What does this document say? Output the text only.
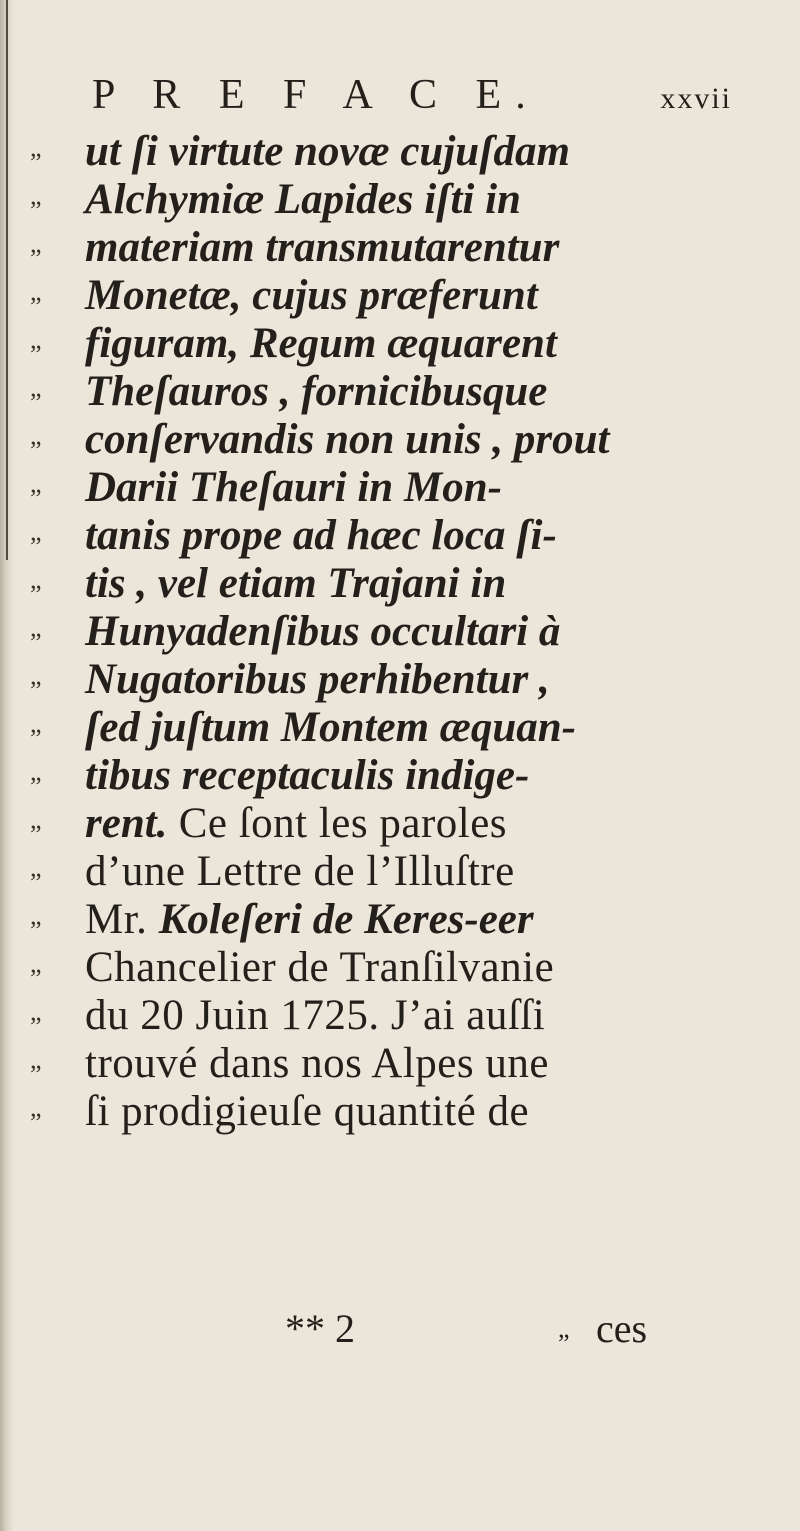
P R E F A C E.	xxvii
„	ut ſi virtute novæ cujuſdam
„	Alchymiæ Lapides iſti in
„	materiam transmutarentur
„	Monetæ, cujus præferunt
„	figuram, Regum æquarent
„	Theſauros , fornicibusque
„	conſervandis non unis , prout
„	Darii Theſauri in Mon-
„	tanis prope ad hæc loca ſi-
„	tis , vel etiam Trajani in
„	Hunyadenſibus occultari à
„	Nugatoribus perhibentur ,
„	ſed juſtum Montem æquan-
„	tibus receptaculis indige-
„	rent. Ce ſont les paroles
„	d’une Lettre de l’Illuſtre
„	Mr. Koleſeri de Keres-eer
„	Chancelier de Tranſilvanie
„	du 20 Juin 1725. J’ai auſſi
„	trouvé dans nos Alpes une
„	ſi prodigieuſe quantité de
** 2	„ ces
